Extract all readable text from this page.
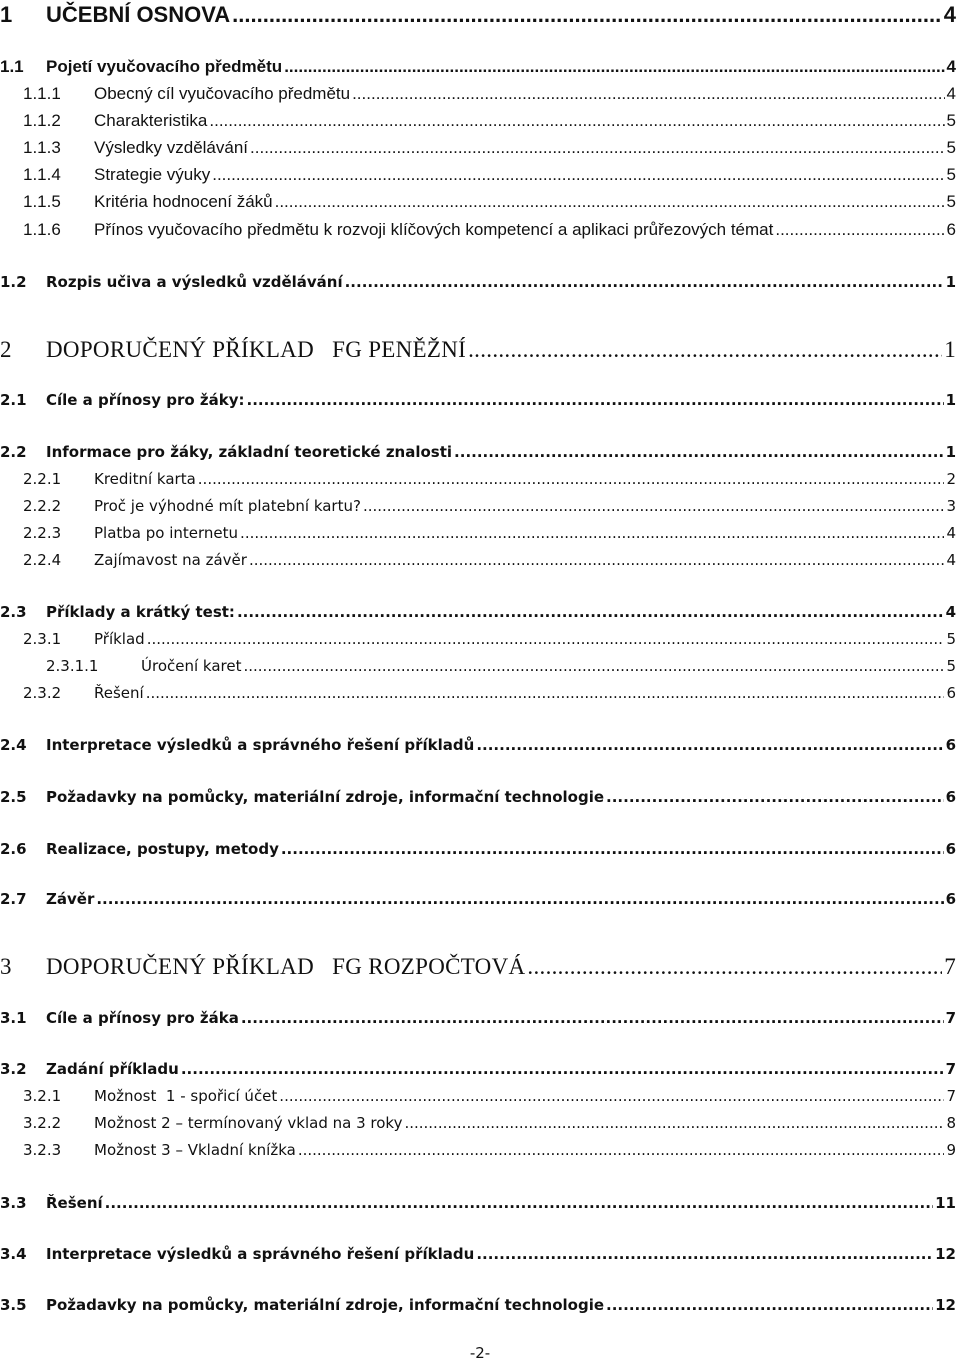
1	UČEBNÍ OSNOVA .....	4
1.1	Pojetí vyučovacího předmětu .....	4
1.1.1	Obecný cíl vyučovacího předmětu .....	4
1.1.2	Charakteristika .....	5
1.1.3	Výsledky vzdělávání .....	5
1.1.4	Strategie výuky .....	5
1.1.5	Kritéria hodnocení žáků .....	5
1.1.6	Přínos vyučovacího předmětu k rozvoji klíčových kompetencí a aplikaci průřezových témat .....	6
1.2	Rozpis učiva a výsledků vzdělávání .....	1
2	DOPORUČENÝ PŘÍKLAD   FG PENĚŽNÍ .....	1
2.1	Cíle a přínosy pro žáky: .....	1
2.2	Informace pro žáky, základní teoretické znalosti .....	1
2.2.1	Kreditní karta .....	2
2.2.2	Proč je výhodné mít platební kartu? .....	3
2.2.3	Platba po internetu .....	4
2.2.4	Zajímavost na závěr .....	4
2.3	Příklady a krátký test: .....	4
2.3.1	Příklad .....	5
2.3.1.1	Úročení karet .....	5
2.3.2	Řešení .....	6
2.4	Interpretace výsledků a správného řešení příkladů .....	6
2.5	Požadavky na pomůcky, materiální zdroje, informační technologie .....	6
2.6	Realizace, postupy, metody .....	6
2.7	Závěr .....	6
3	DOPORUČENÝ PŘÍKLAD   FG ROZPOČTOVÁ .....	7
3.1	Cíle a přínosy pro žáka .....	7
3.2	Zadání příkladu .....	7
3.2.1	Možnost  1 - spořicí účet .....	7
3.2.2	Možnost 2 – termínovaný vklad na 3 roky .....	8
3.2.3	Možnost 3 – Vkladní knížka .....	9
3.3	Řešení .....	11
3.4	Interpretace výsledků a správného řešení příkladu .....	12
3.5	Požadavky na pomůcky, materiální zdroje, informační technologie .....	12
-2-
